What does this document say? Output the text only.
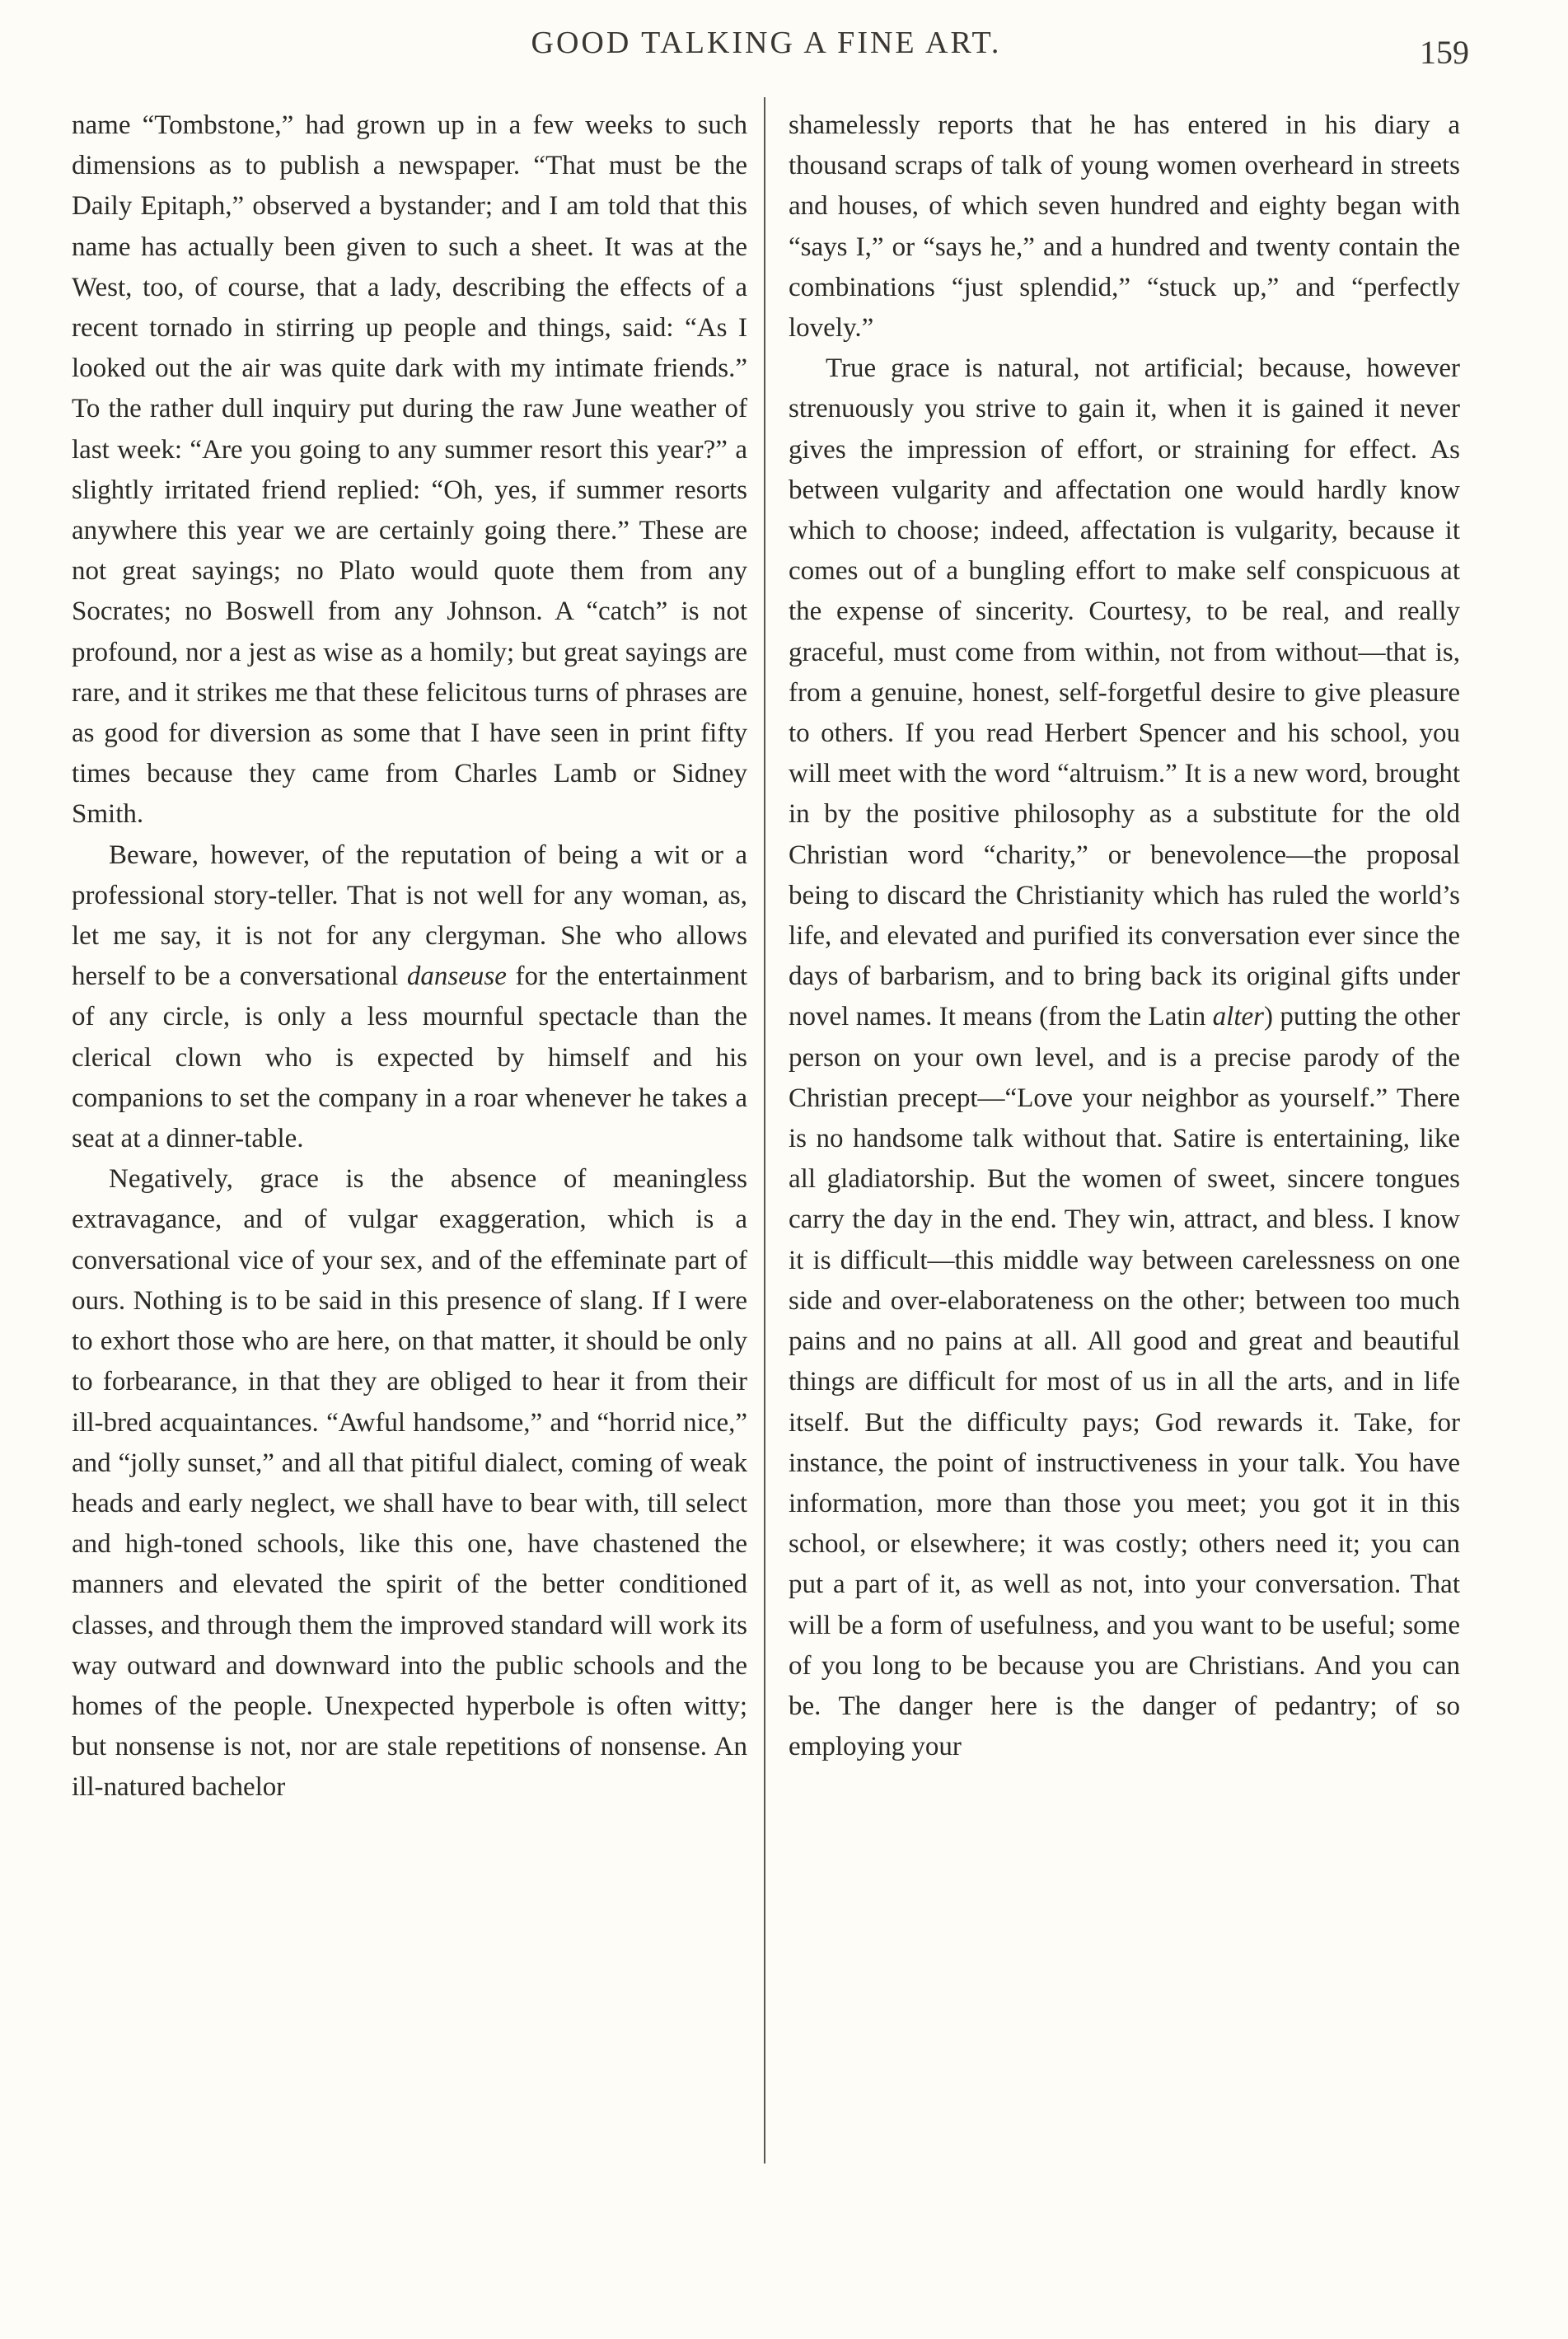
GOOD TALKING A FINE ART.	159

name “Tombstone,” had grown up in a few weeks to such dimensions as to publish a newspaper. “That must be the Daily Epitaph,” observed a bystander; and I am told that this name has actually been given to such a sheet. It was at the West, too, of course, that a lady, describing the effects of a recent tornado in stirring up people and things, said: “As I looked out the air was quite dark with my intimate friends.” To the rather dull inquiry put during the raw June weather of last week: “Are you going to any summer resort this year?” a slightly irritated friend replied: “Oh, yes, if summer resorts anywhere this year we are certainly going there.” These are not great sayings; no Plato would quote them from any Socrates; no Boswell from any Johnson. A “catch” is not profound, nor a jest as wise as a homily; but great sayings are rare, and it strikes me that these felicitous turns of phrases are as good for diversion as some that I have seen in print fifty times because they came from Charles Lamb or Sidney Smith.

Beware, however, of the reputation of being a wit or a professional story-teller. That is not well for any woman, as, let me say, it is not for any clergyman. She who allows herself to be a conversational danseuse for the entertainment of any circle, is only a less mournful spectacle than the clerical clown who is expected by himself and his companions to set the company in a roar whenever he takes a seat at a dinner-table.

Negatively, grace is the absence of meaningless extravagance, and of vulgar exaggeration, which is a conversational vice of your sex, and of the effeminate part of ours. Nothing is to be said in this presence of slang. If I were to exhort those who are here, on that matter, it should be only to forbearance, in that they are obliged to hear it from their ill-bred acquaintances. “Awful handsome,” and “horrid nice,” and “jolly sunset,” and all that pitiful dialect, coming of weak heads and early neglect, we shall have to bear with, till select and high-toned schools, like this one, have chastened the manners and elevated the spirit of the better conditioned classes, and through them the improved standard will work its way outward and downward into the public schools and the homes of the people. Unexpected hyperbole is often witty; but nonsense is not, nor are stale repetitions of nonsense. An ill-natured bachelor

shamelessly reports that he has entered in his diary a thousand scraps of talk of young women overheard in streets and houses, of which seven hundred and eighty began with “says I,” or “says he,” and a hundred and twenty contain the combinations “just splendid,” “stuck up,” and “perfectly lovely.”

True grace is natural, not artificial; because, however strenuously you strive to gain it, when it is gained it never gives the impression of effort, or straining for effect. As between vulgarity and affectation one would hardly know which to choose; indeed, affectation is vulgarity, because it comes out of a bungling effort to make self conspicuous at the expense of sincerity. Courtesy, to be real, and really graceful, must come from within, not from without—that is, from a genuine, honest, self-forgetful desire to give pleasure to others. If you read Herbert Spencer and his school, you will meet with the word “altruism.” It is a new word, brought in by the positive philosophy as a substitute for the old Christian word “charity,” or benevolence—the proposal being to discard the Christianity which has ruled the world’s life, and elevated and purified its conversation ever since the days of barbarism, and to bring back its original gifts under novel names. It means (from the Latin alter) putting the other person on your own level, and is a precise parody of the Christian precept—“Love your neighbor as yourself.” There is no handsome talk without that. Satire is entertaining, like all gladiatorship. But the women of sweet, sincere tongues carry the day in the end. They win, attract, and bless. I know it is difficult—this middle way between carelessness on one side and over-elaborateness on the other; between too much pains and no pains at all. All good and great and beautiful things are difficult for most of us in all the arts, and in life itself. But the difficulty pays; God rewards it. Take, for instance, the point of instructiveness in your talk. You have information, more than those you meet; you got it in this school, or elsewhere; it was costly; others need it; you can put a part of it, as well as not, into your conversation. That will be a form of usefulness, and you want to be useful; some of you long to be because you are Christians. And you can be. The danger here is the danger of pedantry; of so employing your
